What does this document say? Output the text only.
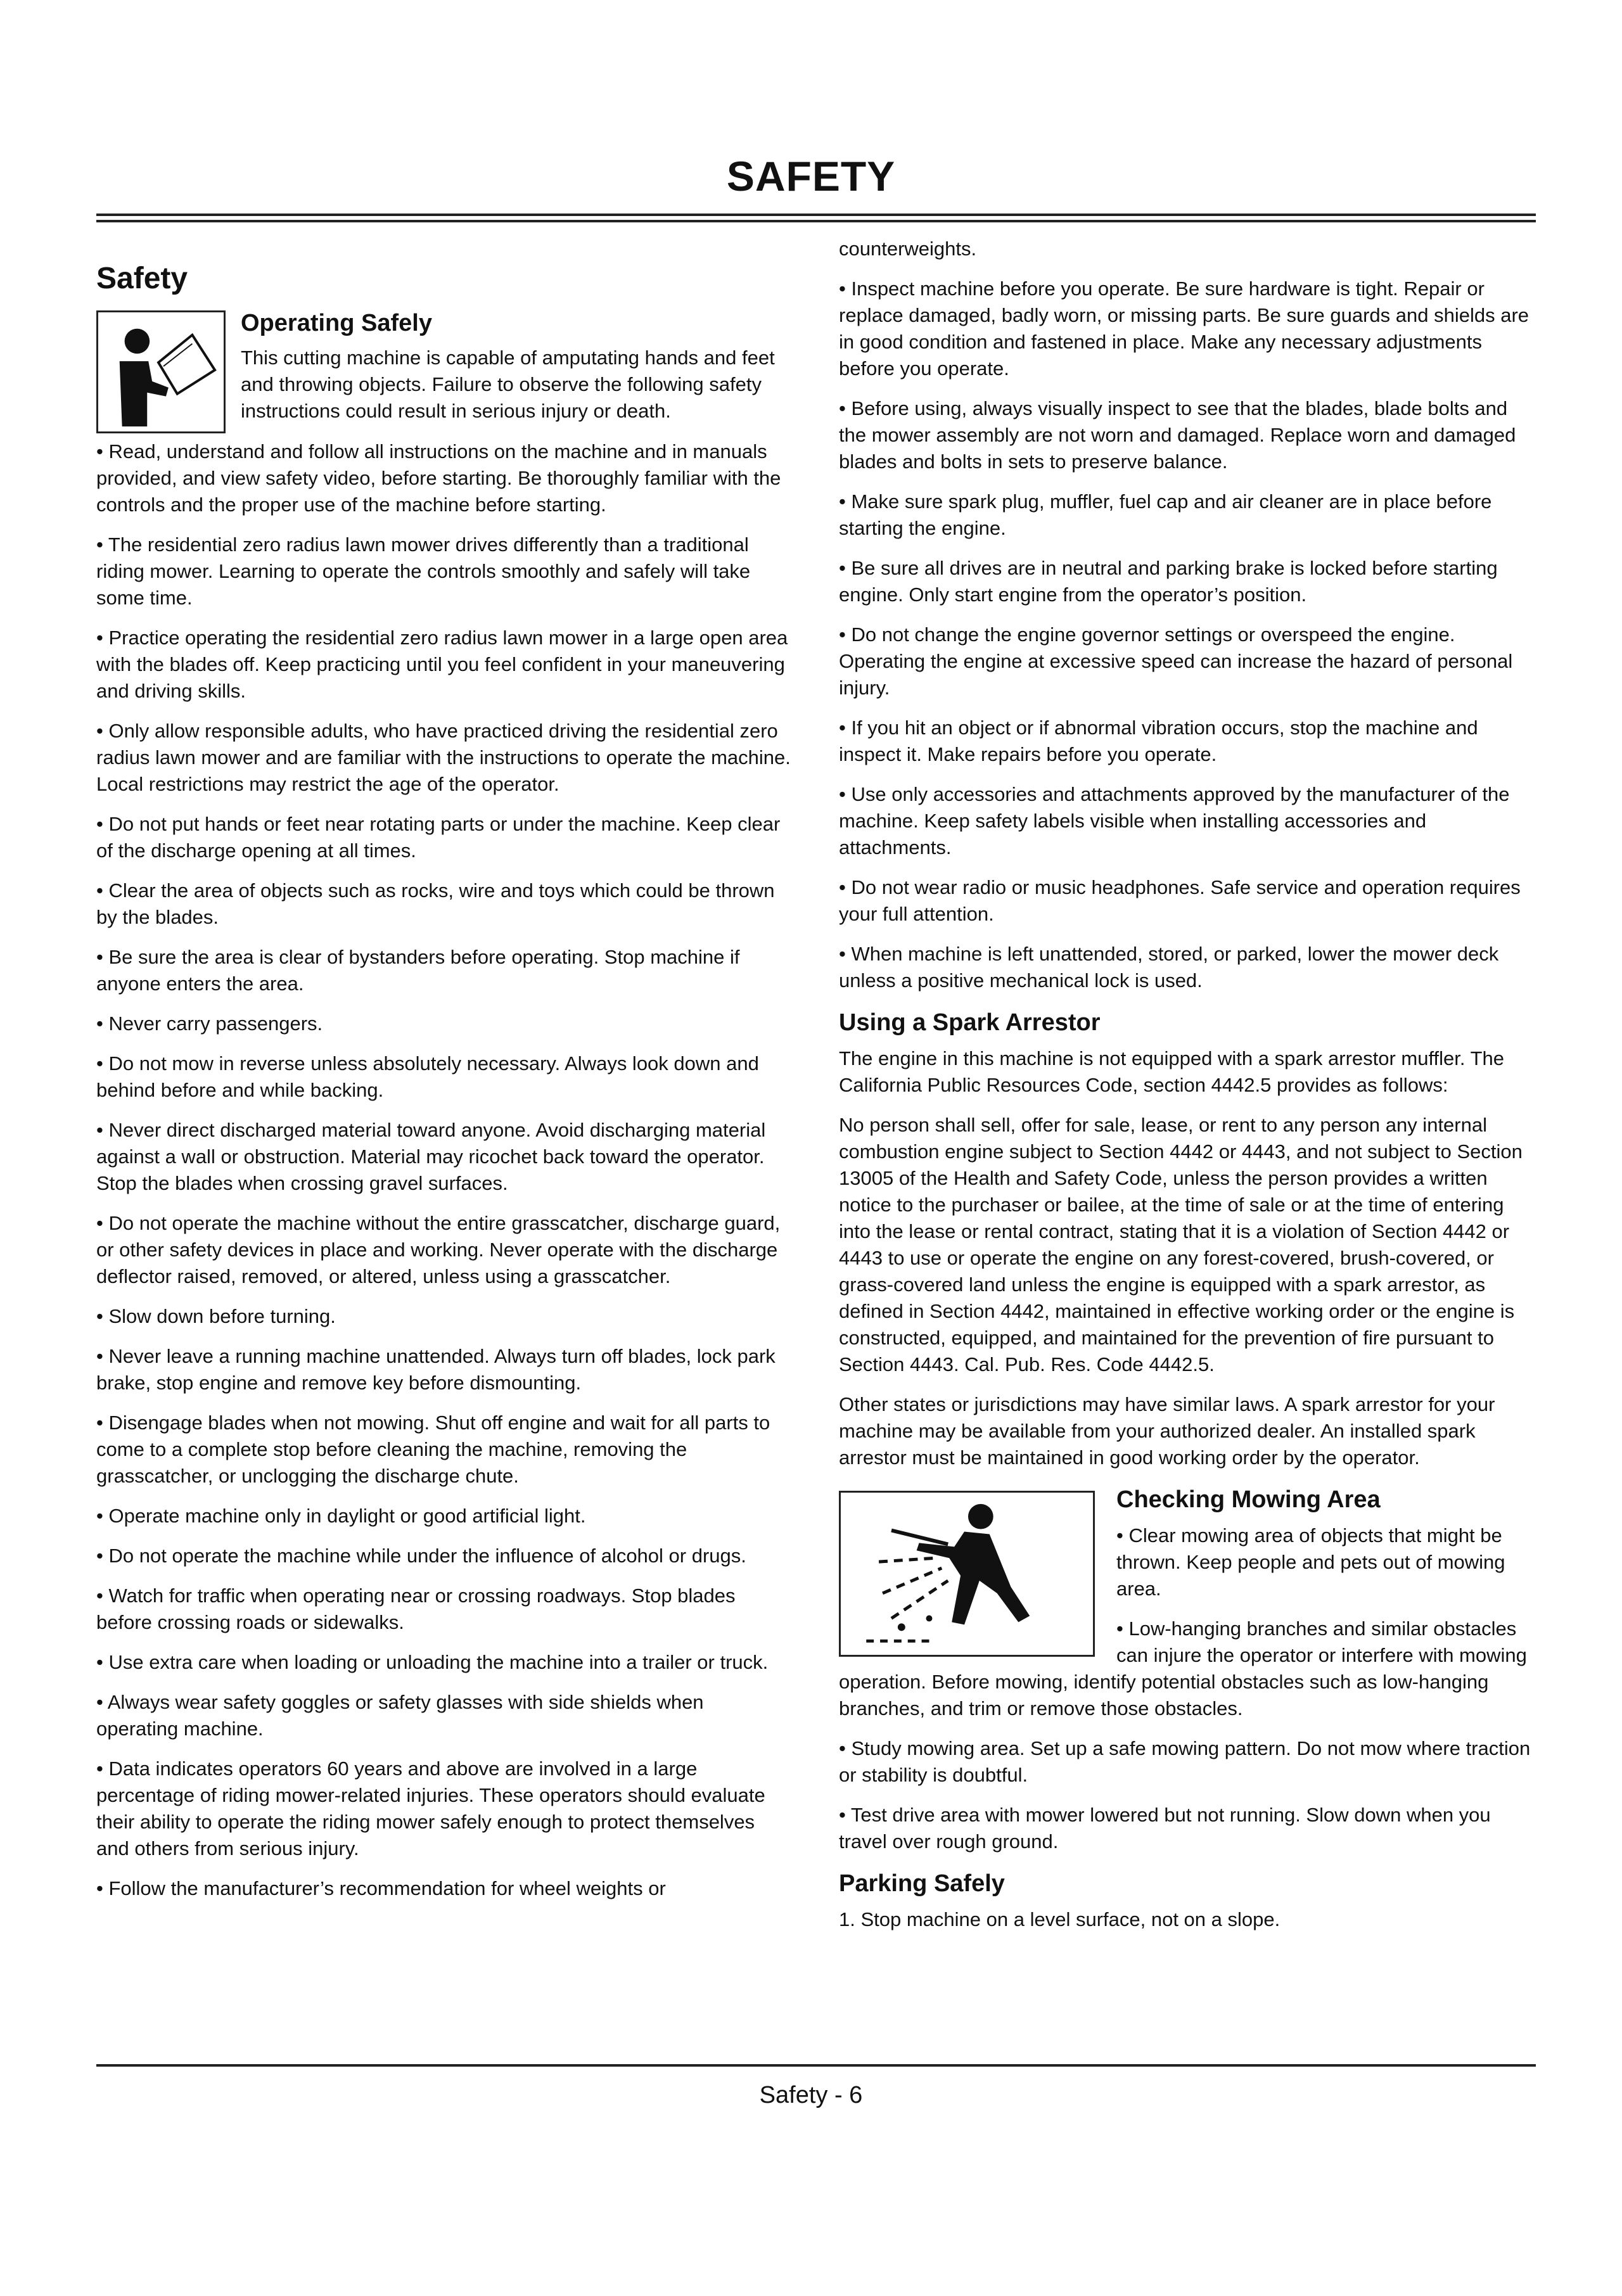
SAFETY
Safety
Operating Safely

This cutting machine is capable of amputating hands and feet and throwing objects. Failure to observe the following safety instructions could result in serious injury or death.

• Read, understand and follow all instructions on the machine and in manuals provided, and view safety video, before starting. Be thoroughly familiar with the controls and the proper use of the machine before starting.

• The residential zero radius lawn mower drives differently than a traditional riding mower. Learning to operate the controls smoothly and safely will take some time.

• Practice operating the residential zero radius lawn mower in a large open area with the blades off. Keep practicing until you feel confident in your maneuvering and driving skills.

• Only allow responsible adults, who have practiced driving the residential zero radius lawn mower and are familiar with the instructions to operate the machine. Local restrictions may restrict the age of the operator.

• Do not put hands or feet near rotating parts or under the machine. Keep clear of the discharge opening at all times.

• Clear the area of objects such as rocks, wire and toys which could be thrown by the blades.

• Be sure the area is clear of bystanders before operating. Stop machine if anyone enters the area.

• Never carry passengers.

• Do not mow in reverse unless absolutely necessary. Always look down and behind before and while backing.

• Never direct discharged material toward anyone. Avoid discharging material against a wall or obstruction. Material may ricochet back toward the operator. Stop the blades when crossing gravel surfaces.

• Do not operate the machine without the entire grasscatcher, discharge guard, or other safety devices in place and working. Never operate with the discharge deflector raised, removed, or altered, unless using a grasscatcher.

• Slow down before turning.

• Never leave a running machine unattended. Always turn off blades, lock park brake, stop engine and remove key before dismounting.

• Disengage blades when not mowing. Shut off engine and wait for all parts to come to a complete stop before cleaning the machine, removing the grasscatcher, or unclogging the discharge chute.

• Operate machine only in daylight or good artificial light.

• Do not operate the machine while under the influence of alcohol or drugs.

• Watch for traffic when operating near or crossing roadways. Stop blades before crossing roads or sidewalks.

• Use extra care when loading or unloading the machine into a trailer or truck.

• Always wear safety goggles or safety glasses with side shields when operating machine.

• Data indicates operators 60 years and above are involved in a large percentage of riding mower-related injuries. These operators should evaluate their ability to operate the riding mower safely enough to protect themselves and others from serious injury.

• Follow the manufacturer’s recommendation for wheel weights or

counterweights.

• Inspect machine before you operate. Be sure hardware is tight. Repair or replace damaged, badly worn, or missing parts. Be sure guards and shields are in good condition and fastened in place. Make any necessary adjustments before you operate.

• Before using, always visually inspect to see that the blades, blade bolts and the mower assembly are not worn and damaged. Replace worn and damaged blades and bolts in sets to preserve balance.

• Make sure spark plug, muffler, fuel cap and air cleaner are in place before starting the engine.

• Be sure all drives are in neutral and parking brake is locked before starting engine. Only start engine from the operator’s position.

• Do not change the engine governor settings or overspeed the engine. Operating the engine at excessive speed can increase the hazard of personal injury.

• If you hit an object or if abnormal vibration occurs, stop the machine and inspect it. Make repairs before you operate.

• Use only accessories and attachments approved by the manufacturer of the machine. Keep safety labels visible when installing accessories and attachments.

• Do not wear radio or music headphones. Safe service and operation requires your full attention.

• When machine is left unattended, stored, or parked, lower the mower deck unless a positive mechanical lock is used.

Using a Spark Arrestor

The engine in this machine is not equipped with a spark arrestor muffler. The California Public Resources Code, section 4442.5 provides as follows:

No person shall sell, offer for sale, lease, or rent to any person any internal combustion engine subject to Section 4442 or 4443, and not subject to Section 13005 of the Health and Safety Code, unless the person provides a written notice to the purchaser or bailee, at the time of sale or at the time of entering into the lease or rental contract, stating that it is a violation of Section 4442 or 4443 to use or operate the engine on any forest-covered, brush-covered, or grass-covered land unless the engine is equipped with a spark arrestor, as defined in Section 4442, maintained in effective working order or the engine is constructed, equipped, and maintained for the prevention of fire pursuant to Section 4443. Cal. Pub. Res. Code 4442.5.

Other states or jurisdictions may have similar laws. A spark arrestor for your machine may be available from your authorized dealer. An installed spark arrestor must be maintained in good working order by the operator.

Checking Mowing Area

• Clear mowing area of objects that might be thrown. Keep people and pets out of mowing area.

• Low-hanging branches and similar obstacles can injure the operator or interfere with mowing operation. Before mowing, identify potential obstacles such as low-hanging branches, and trim or remove those obstacles.

• Study mowing area. Set up a safe mowing pattern. Do not mow where traction or stability is doubtful.

• Test drive area with mower lowered but not running. Slow down when you travel over rough ground.

Parking Safely

1. Stop machine on a level surface, not on a slope.

Safety - 6
